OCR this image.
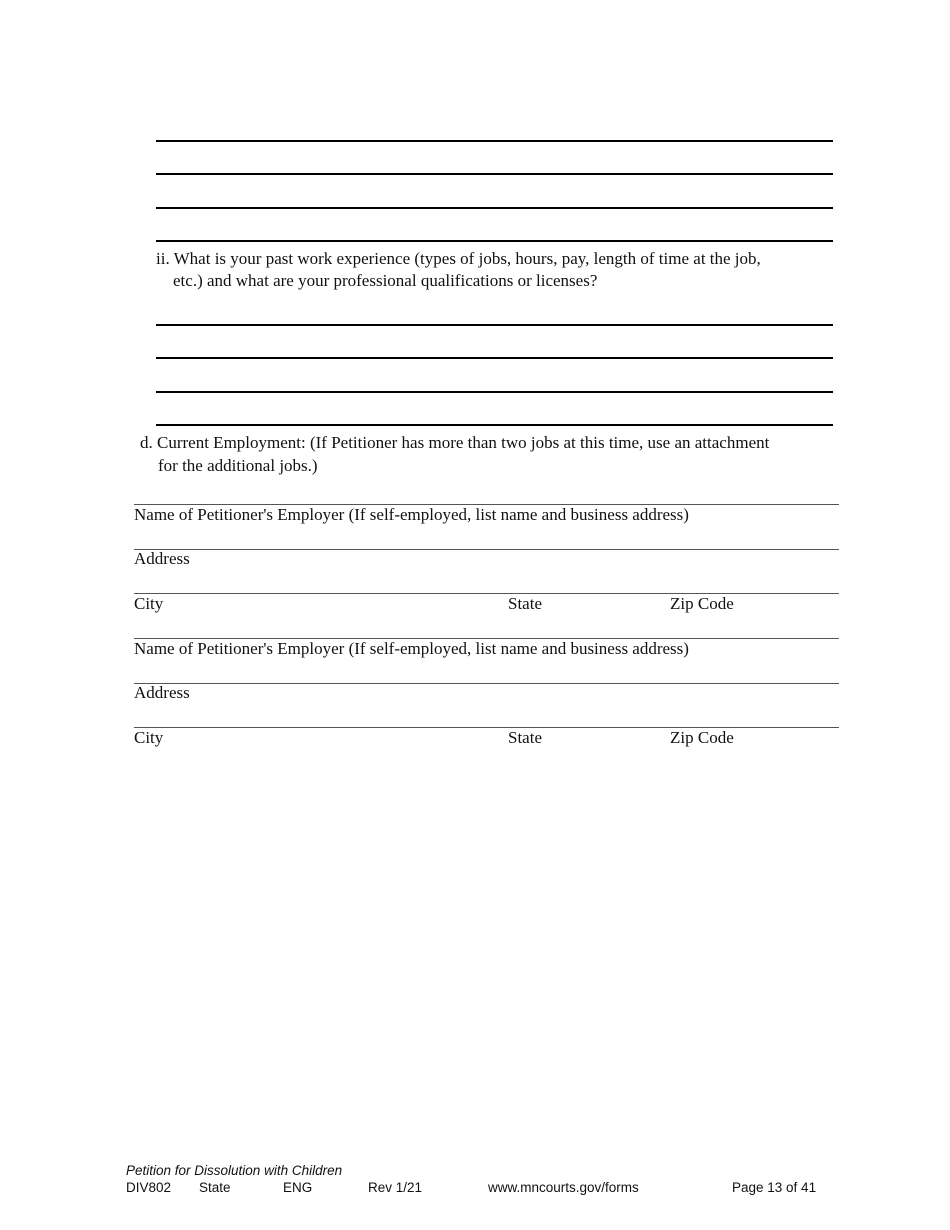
ii. What is your past work experience (types of jobs, hours, pay, length of time at the job,
etc.) and what are your professional qualifications or licenses?
d. Current Employment: (If Petitioner has more than two jobs at this time, use an attachment
for the additional jobs.)
Name of Petitioner's Employer (If self-employed, list name and business address)
Address
City	State	Zip Code
Name of Petitioner's Employer (If self-employed, list name and business address)
Address
City	State	Zip Code
Petition for Dissolution with Children
DIV802 State	ENG	Rev 1/21	www.mncourts.gov/forms	Page 13 of 41
